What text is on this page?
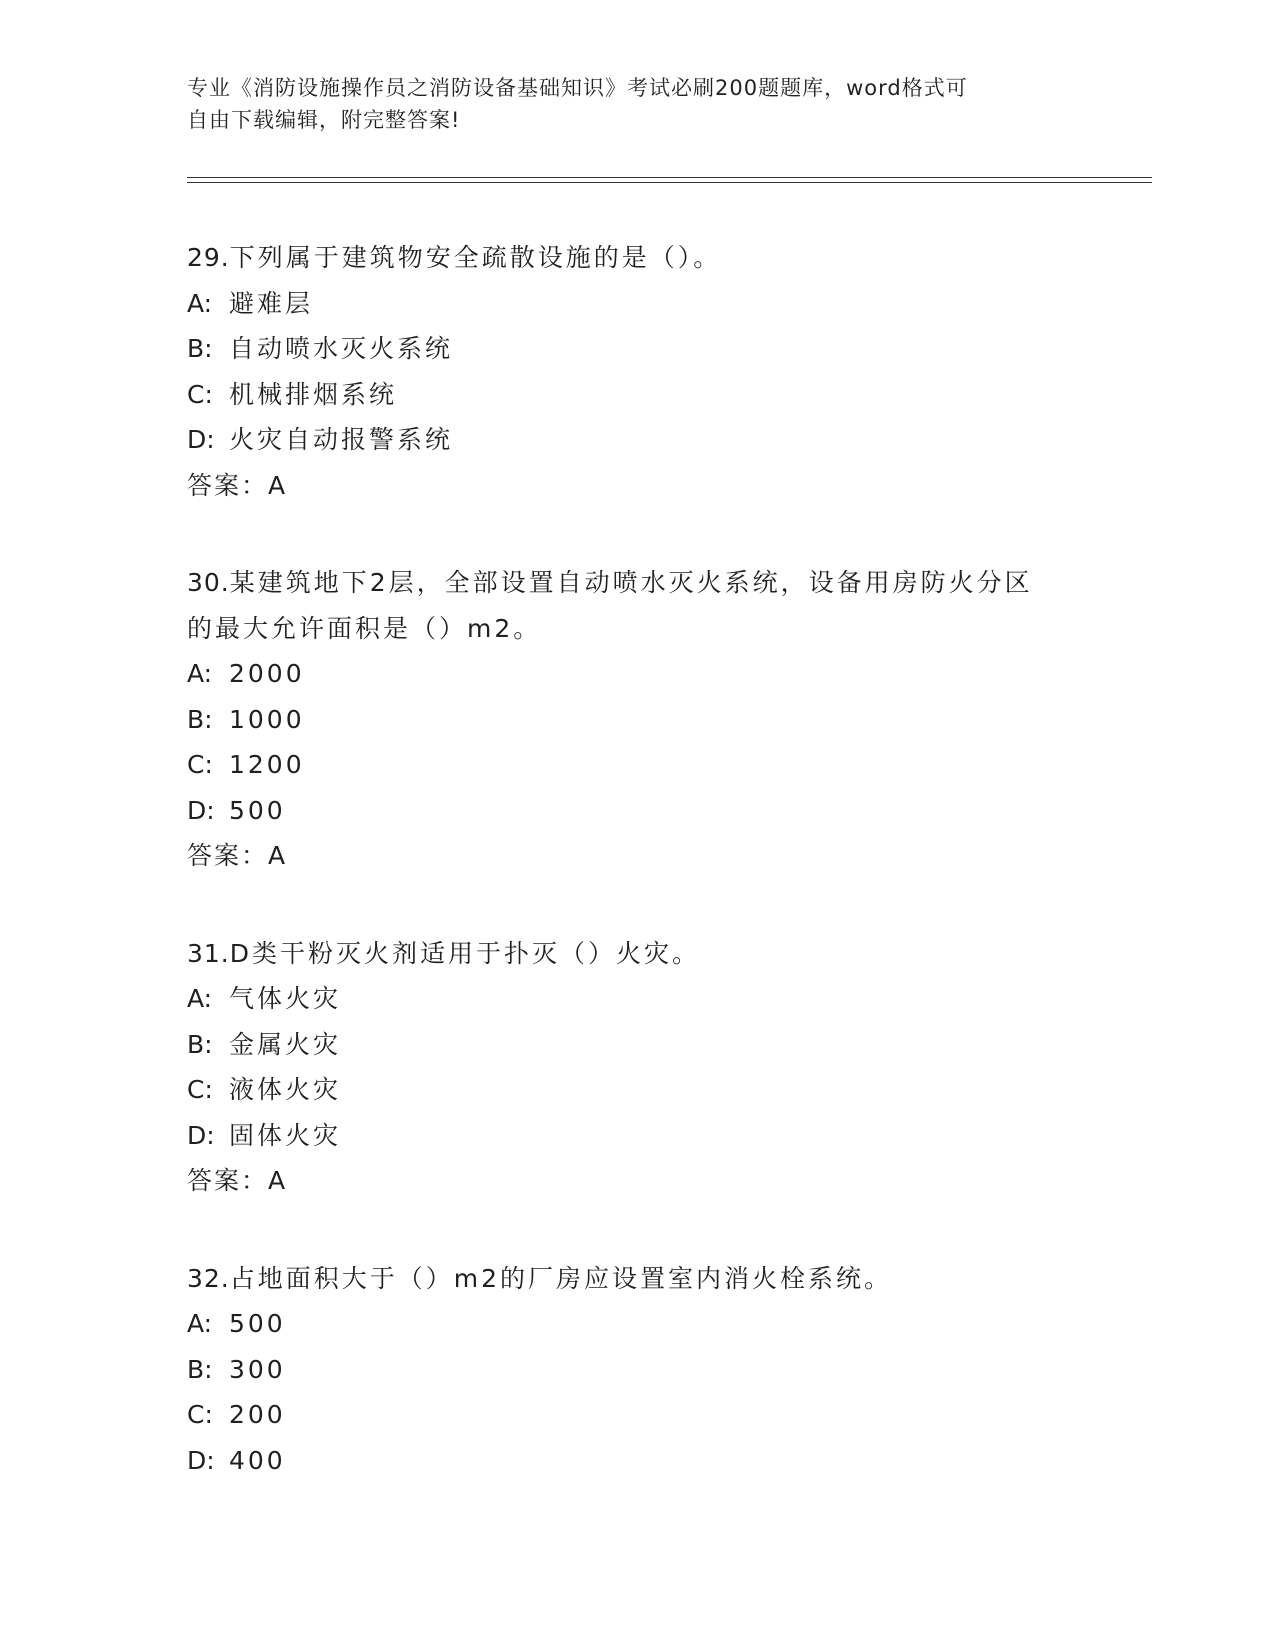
专业《消防设施操作员之消防设备基础知识》考试必刷200题题库，word格式可
自由下载编辑，附完整答案!
29.下列属于建筑物安全疏散设施的是（）。
A: 避难层
B: 自动喷水灭火系统
C: 机械排烟系统
D: 火灾自动报警系统
答案：A
30.某建筑地下2层，全部设置自动喷水灭火系统，设备用房防火分区
的最大允许面积是（）m2。
A: 2000
B: 1000
C: 1200
D: 500
答案：A
31.D类干粉灭火剂适用于扑灭（）火灾。
A: 气体火灾
B: 金属火灾
C: 液体火灾
D: 固体火灾
答案：A
32.占地面积大于（）m2的厂房应设置室内消火栓系统。
A: 500
B: 300
C: 200
D: 400
